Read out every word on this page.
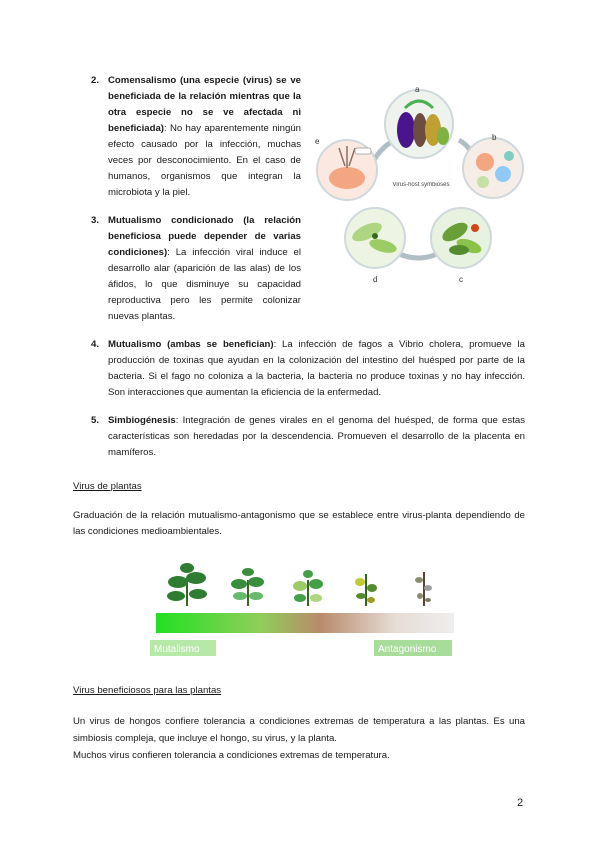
2. Comensalismo (una especie (virus) se ve beneficiada de la relación mientras que la otra especie no se ve afectada ni beneficiada): No hay aparentemente ningún efecto causado por la infección, muchas veces por desconocimiento. En el caso de humanos, organismos que integran la microbiota y la piel.
3. Mutualismo condicionado (la relación beneficiosa puede depender de varias condiciones): La infección viral induce el desarrollo alar (aparición de las alas) de los áfidos, lo que disminuye su capacidad reproductiva pero les permite colonizar nuevas plantas.
a
b
c
d
e
Virus-host symbioses
4. Mutualismo (ambas se benefician): La infección de fagos a Vibrio cholera, promueve la producción de toxinas que ayudan en la colonización del intestino del huésped por parte de la bacteria. Si el fago no coloniza a la bacteria, la bacteria no produce toxinas y no hay infección. Son interacciones que aumentan la eficiencia de la enfermedad.
5. Simbiogénesis: Integración de genes virales en el genoma del huésped, de forma que estas características son heredadas por la descendencia. Promueven el desarrollo de la placenta en mamíferos.
Virus de plantas
Graduación de la relación mutualismo-antagonismo que se establece entre virus-planta dependiendo de las condiciones medioambientales.
Mutalismo	Antagonismo
Virus beneficiosos para las plantas
Un virus de hongos confiere tolerancia a condiciones extremas de temperatura a las plantas. Es una simbiosis compleja, que incluye el hongo, su virus, y la planta.
Muchos virus confieren tolerancia a condiciones extremas de temperatura.
2
